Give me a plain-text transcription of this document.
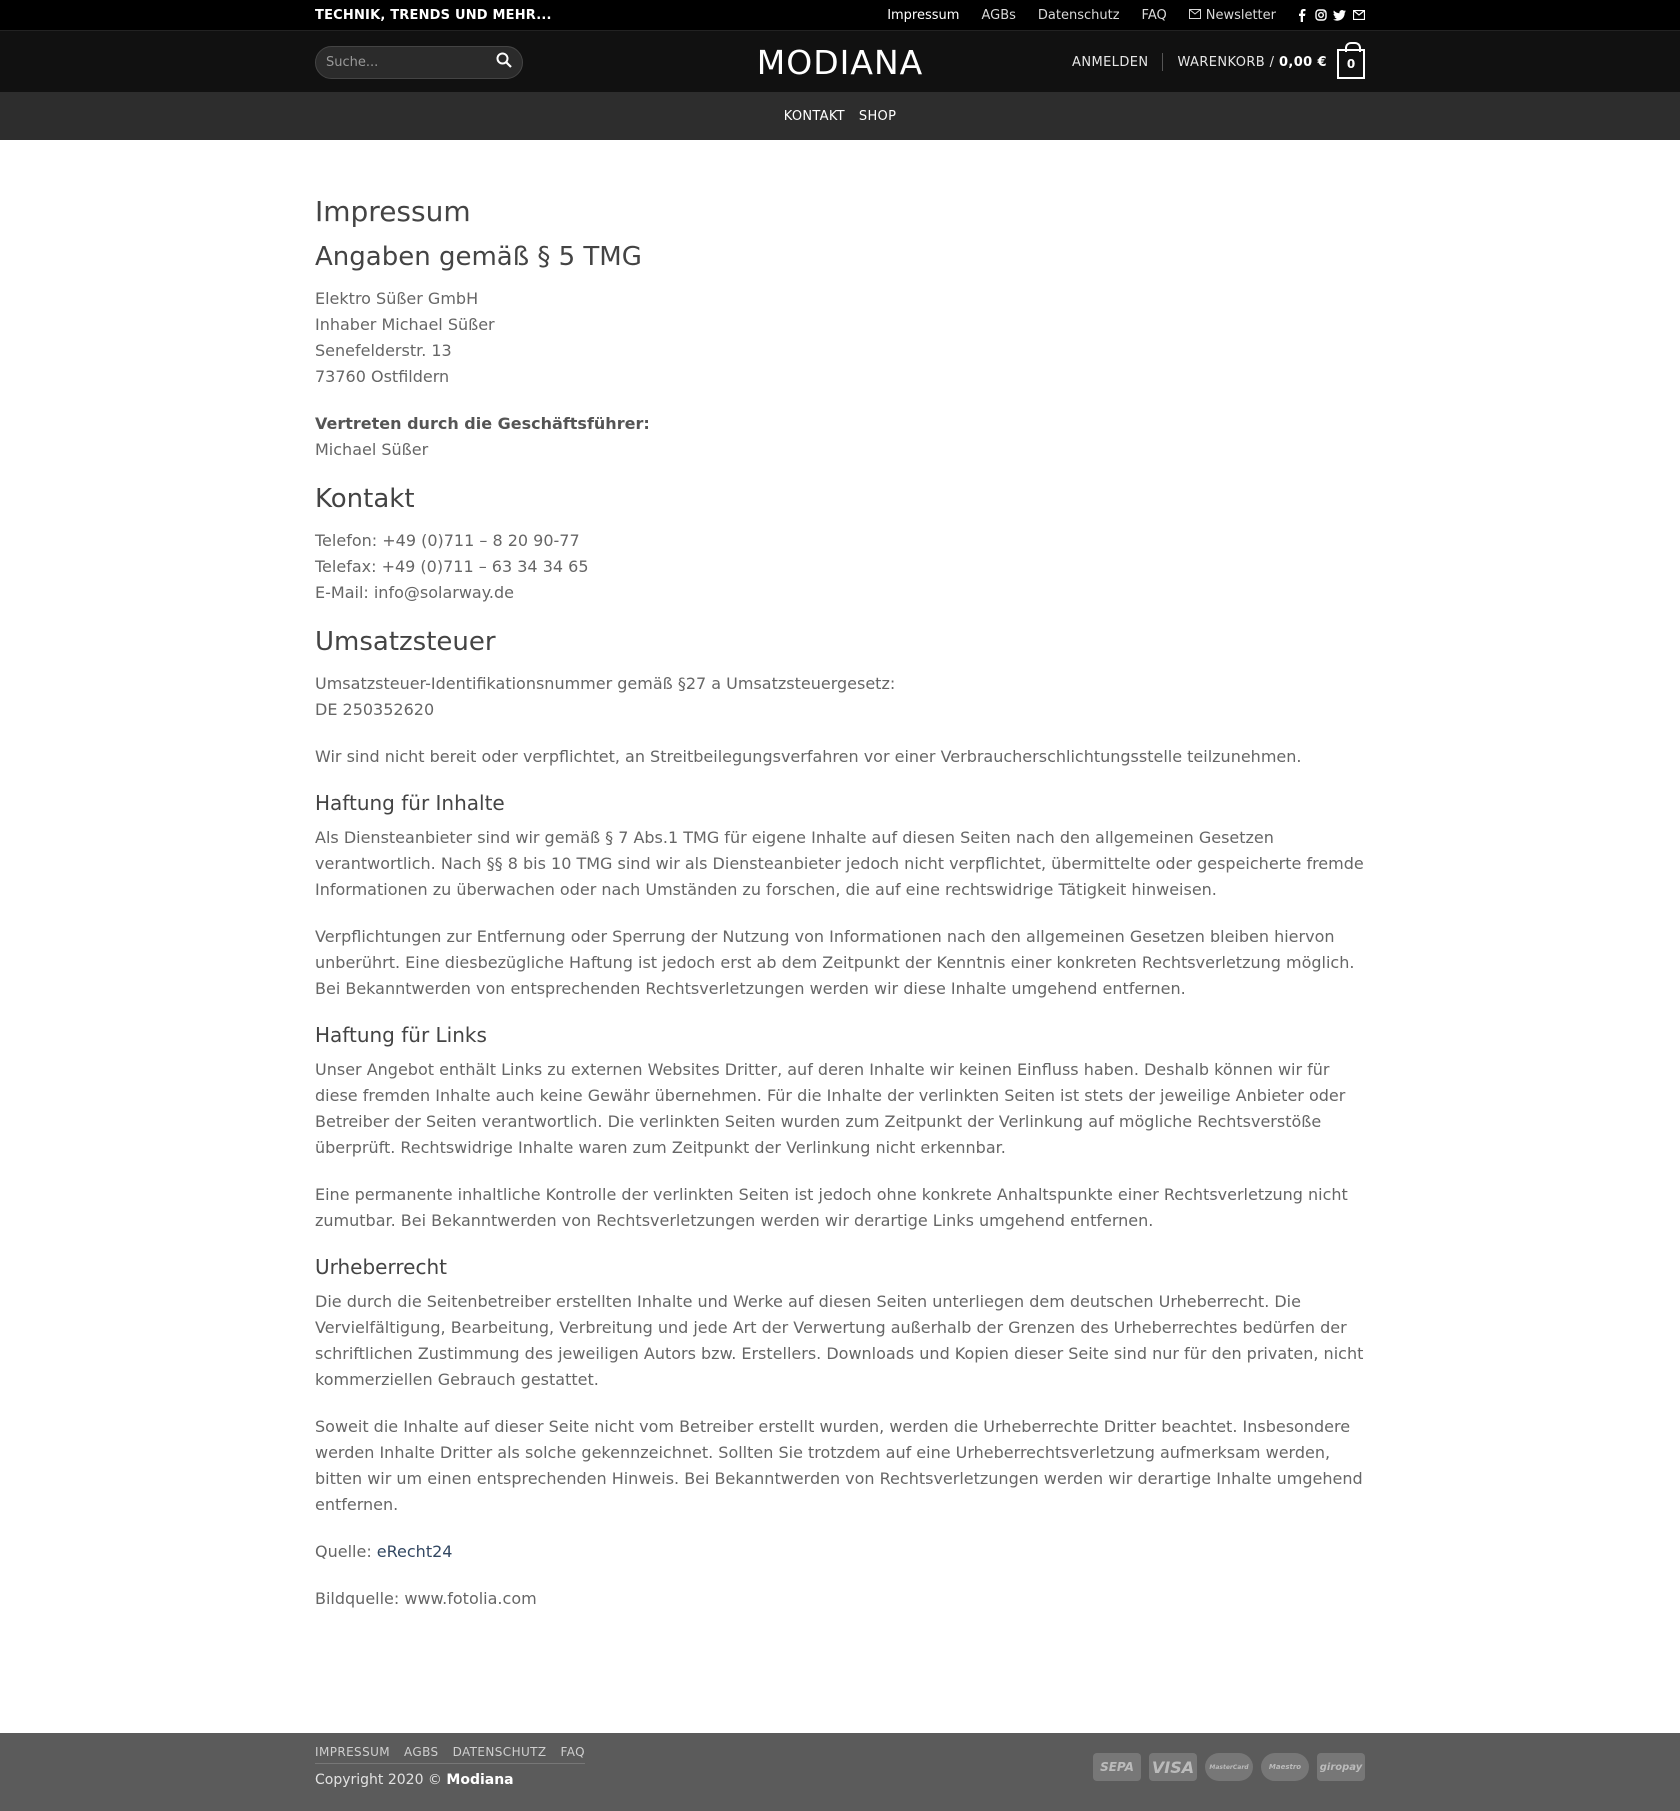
TECHNIK, TRENDS UND MEHR...	Impressum	AGBs	Datenschutz	FAQ	Newsletter
Suche...
MODIANA	ANMELDEN	WARENKORB / 0,00 €	0
KONTAKT SHOP
Impressum
Angaben gemäß § 5 TMG

Elektro Süßer GmbH
Inhaber Michael Süßer
Senefelderstr. 13
73760 Ostfildern

Vertreten durch die Geschäftsführer:
Michael Süßer

Kontakt

Telefon: +49 (0)711 – 8 20 90-77
Telefax: +49 (0)711 – 63 34 34 65
E-Mail: info@solarway.de

Umsatzsteuer

Umsatzsteuer-Identifikationsnummer gemäß §27 a Umsatzsteuergesetz:
DE 250352620

Wir sind nicht bereit oder verpflichtet, an Streitbeilegungsverfahren vor einer Verbraucherschlichtungsstelle teilzunehmen.

Haftung für Inhalte

Als Diensteanbieter sind wir gemäß § 7 Abs.1 TMG für eigene Inhalte auf diesen Seiten nach den allgemeinen Gesetzen verantwortlich. Nach §§ 8 bis 10 TMG sind wir als Diensteanbieter jedoch nicht verpflichtet, übermittelte oder gespeicherte fremde Informationen zu überwachen oder nach Umständen zu forschen, die auf eine rechtswidrige Tätigkeit hinweisen.

Verpflichtungen zur Entfernung oder Sperrung der Nutzung von Informationen nach den allgemeinen Gesetzen bleiben hiervon unberührt. Eine diesbezügliche Haftung ist jedoch erst ab dem Zeitpunkt der Kenntnis einer konkreten Rechtsverletzung möglich. Bei Bekanntwerden von entsprechenden Rechtsverletzungen werden wir diese Inhalte umgehend entfernen.

Haftung für Links

Unser Angebot enthält Links zu externen Websites Dritter, auf deren Inhalte wir keinen Einfluss haben. Deshalb können wir für diese fremden Inhalte auch keine Gewähr übernehmen. Für die Inhalte der verlinkten Seiten ist stets der jeweilige Anbieter oder Betreiber der Seiten verantwortlich. Die verlinkten Seiten wurden zum Zeitpunkt der Verlinkung auf mögliche Rechtsverstöße überprüft. Rechtswidrige Inhalte waren zum Zeitpunkt der Verlinkung nicht erkennbar.

Eine permanente inhaltliche Kontrolle der verlinkten Seiten ist jedoch ohne konkrete Anhaltspunkte einer Rechtsverletzung nicht zumutbar. Bei Bekanntwerden von Rechtsverletzungen werden wir derartige Links umgehend entfernen.

Urheberrecht

Die durch die Seitenbetreiber erstellten Inhalte und Werke auf diesen Seiten unterliegen dem deutschen Urheberrecht. Die Vervielfältigung, Bearbeitung, Verbreitung und jede Art der Verwertung außerhalb der Grenzen des Urheberrechtes bedürfen der schriftlichen Zustimmung des jeweiligen Autors bzw. Erstellers. Downloads und Kopien dieser Seite sind nur für den privaten, nicht kommerziellen Gebrauch gestattet.

Soweit die Inhalte auf dieser Seite nicht vom Betreiber erstellt wurden, werden die Urheberrechte Dritter beachtet. Insbesondere werden Inhalte Dritter als solche gekennzeichnet. Sollten Sie trotzdem auf eine Urheberrechtsverletzung aufmerksam werden, bitten wir um einen entsprechenden Hinweis. Bei Bekanntwerden von Rechtsverletzungen werden wir derartige Inhalte umgehend entfernen.

Quelle: eRecht24

Bildquelle: www.fotolia.com

IMPRESSUM AGBS DATENSCHUTZ FAQ
Copyright 2020 © Modiana
SEPA	VISA	MasterCard	Maestro	giropay
